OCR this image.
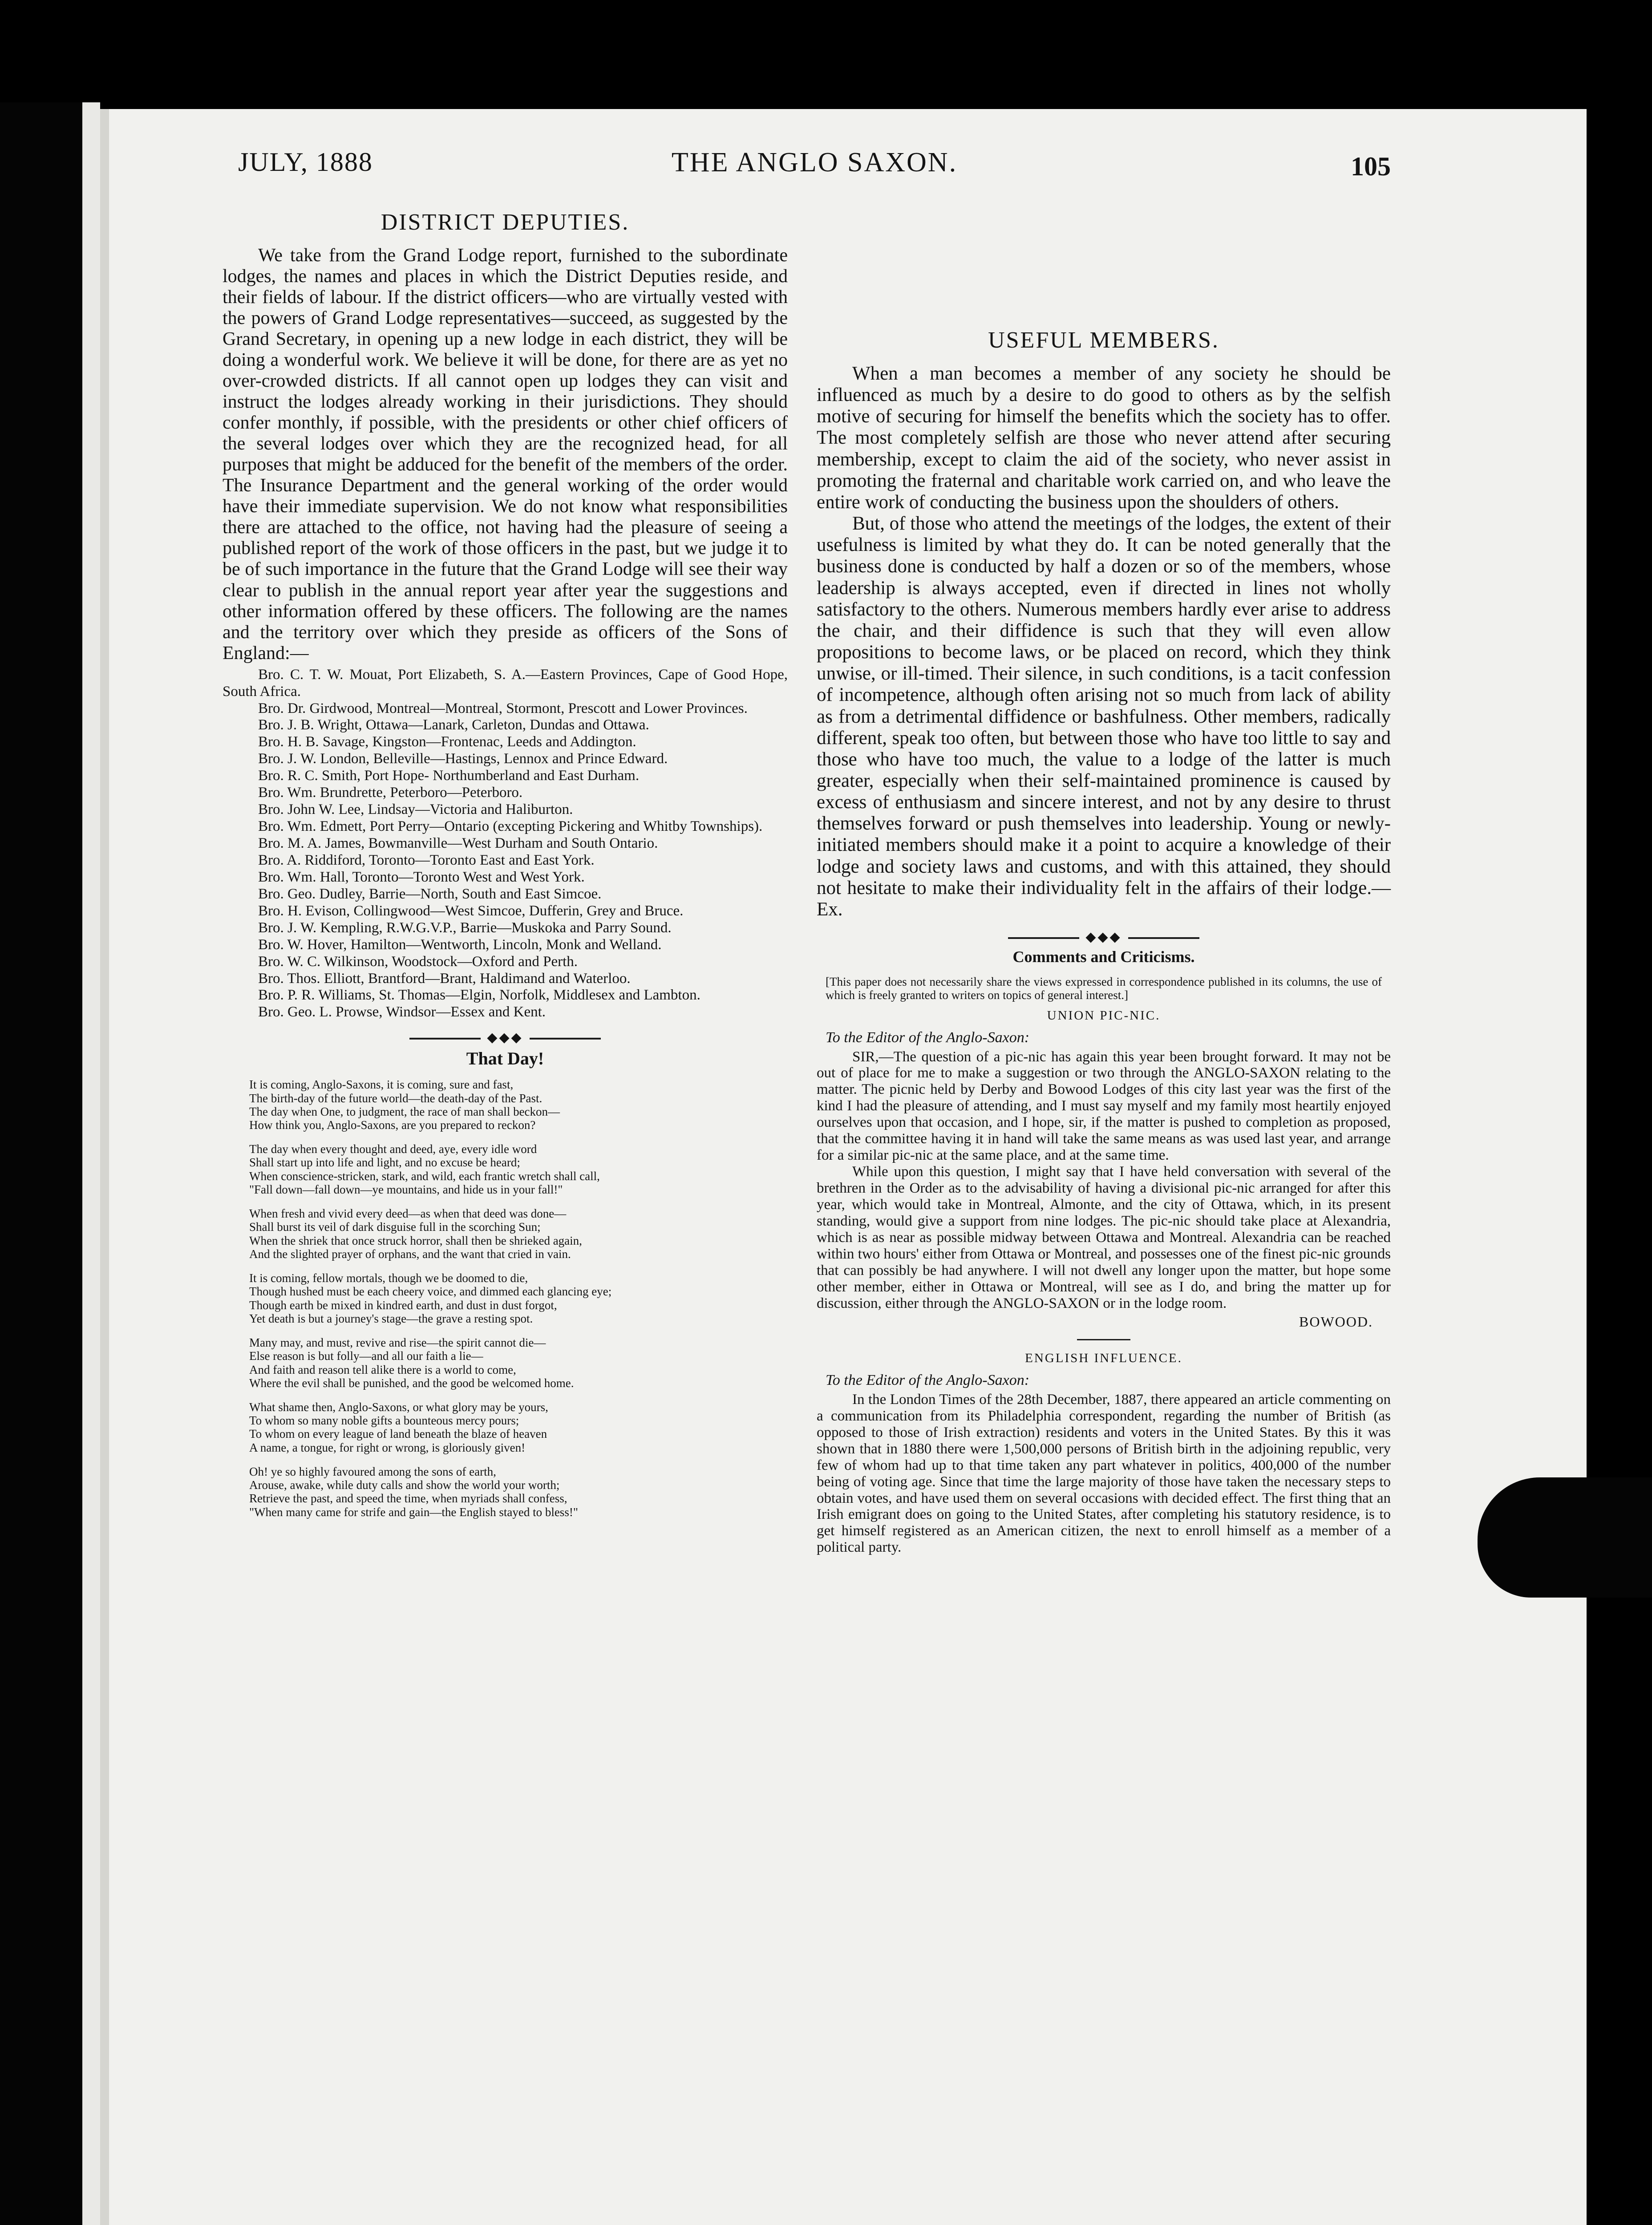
JULY, 1888	THE ANGLO SAXON.	105
DISTRICT DEPUTIES.

We take from the Grand Lodge report, furnished to the subordinate lodges, the names and places in which the District Deputies reside, and their fields of labour. If the district officers—who are virtually vested with the powers of Grand Lodge representatives—succeed, as suggested by the Grand Secretary, in opening up a new lodge in each district, they will be doing a wonderful work. We believe it will be done, for there are as yet no over-crowded districts. If all cannot open up lodges they can visit and instruct the lodges already working in their jurisdictions. They should confer monthly, if possible, with the presidents or other chief officers of the several lodges over which they are the recognized head, for all purposes that might be adduced for the benefit of the members of the order. The Insurance Department and the general working of the order would have their immediate supervision. We do not know what responsibilities there are attached to the office, not having had the pleasure of seeing a published report of the work of those officers in the past, but we judge it to be of such importance in the future that the Grand Lodge will see their way clear to publish in the annual report year after year the suggestions and other information offered by these officers. The following are the names and the territory over which they preside as officers of the Sons of England:—

Bro. C. T. W. Mouat, Port Elizabeth, S. A.—Eastern Provinces, Cape of Good Hope, South Africa.

Bro. Dr. Girdwood, Montreal—Montreal, Stormont, Prescott and Lower Provinces.

Bro. J. B. Wright, Ottawa—Lanark, Carleton, Dundas and Ottawa.

Bro. H. B. Savage, Kingston—Frontenac, Leeds and Addington.

Bro. J. W. London, Belleville—Hastings, Lennox and Prince Edward.

Bro. R. C. Smith, Port Hope- Northumberland and East Durham.

Bro. Wm. Brundrette, Peterboro—Peterboro.

Bro. John W. Lee, Lindsay—Victoria and Haliburton.

Bro. Wm. Edmett, Port Perry—Ontario (excepting Pickering and Whitby Townships).

Bro. M. A. James, Bowmanville—West Durham and South Ontario.

Bro. A. Riddiford, Toronto—Toronto East and East York.

Bro. Wm. Hall, Toronto—Toronto West and West York.

Bro. Geo. Dudley, Barrie—North, South and East Simcoe.

Bro. H. Evison, Collingwood—West Simcoe, Dufferin, Grey and Bruce.

Bro. J. W. Kempling, R.W.G.V.P., Barrie—Muskoka and Parry Sound.

Bro. W. Hover, Hamilton—Wentworth, Lincoln, Monk and Welland.

Bro. W. C. Wilkinson, Woodstock—Oxford and Perth.

Bro. Thos. Elliott, Brantford—Brant, Haldimand and Waterloo.

Bro. P. R. Williams, St. Thomas—Elgin, Norfolk, Middlesex and Lambton.

Bro. Geo. L. Prowse, Windsor—Essex and Kent.

◆◆◆
That Day!
It is coming, Anglo-Saxons, it is coming, sure and fast,
The birth-day of the future world—the death-day of the Past.
The day when One, to judgment, the race of man shall beckon—
How think you, Anglo-Saxons, are you prepared to reckon?
The day when every thought and deed, aye, every idle word
Shall start up into life and light, and no excuse be heard;
When conscience-stricken, stark, and wild, each frantic wretch shall call,
"Fall down—fall down—ye mountains, and hide us in your fall!"
When fresh and vivid every deed—as when that deed was done—
Shall burst its veil of dark disguise full in the scorching Sun;
When the shriek that once struck horror, shall then be shrieked again,
And the slighted prayer of orphans, and the want that cried in vain.
It is coming, fellow mortals, though we be doomed to die,
Though hushed must be each cheery voice, and dimmed each glancing eye;
Though earth be mixed in kindred earth, and dust in dust forgot,
Yet death is but a journey's stage—the grave a resting spot.
Many may, and must, revive and rise—the spirit cannot die—
Else reason is but folly—and all our faith a lie—
And faith and reason tell alike there is a world to come,
Where the evil shall be punished, and the good be welcomed home.
What shame then, Anglo-Saxons, or what glory may be yours,
To whom so many noble gifts a bounteous mercy pours;
To whom on every league of land beneath the blaze of heaven
A name, a tongue, for right or wrong, is gloriously given!
Oh! ye so highly favoured among the sons of earth,
Arouse, awake, while duty calls and show the world your worth;
Retrieve the past, and speed the time, when myriads shall confess,
"When many came for strife and gain—the English stayed to bless!"
USEFUL MEMBERS.

When a man becomes a member of any society he should be influenced as much by a desire to do good to others as by the selfish motive of securing for himself the benefits which the society has to offer. The most completely selfish are those who never attend after securing membership, except to claim the aid of the society, who never assist in promoting the fraternal and charitable work carried on, and who leave the entire work of conducting the business upon the shoulders of others.

But, of those who attend the meetings of the lodges, the extent of their usefulness is limited by what they do. It can be noted generally that the business done is conducted by half a dozen or so of the members, whose leadership is always accepted, even if directed in lines not wholly satisfactory to the others. Numerous members hardly ever arise to address the chair, and their diffidence is such that they will even allow propositions to become laws, or be placed on record, which they think unwise, or ill-timed. Their silence, in such conditions, is a tacit confession of incompetence, although often arising not so much from lack of ability as from a detrimental diffidence or bashfulness. Other members, radically different, speak too often, but between those who have too little to say and those who have too much, the value to a lodge of the latter is much greater, especially when their self-maintained prominence is caused by excess of enthusiasm and sincere interest, and not by any desire to thrust themselves forward or push themselves into leadership. Young or newly-initiated members should make it a point to acquire a knowledge of their lodge and society laws and customs, and with this attained, they should not hesitate to make their individuality felt in the affairs of their lodge.—Ex.

◆◆◆
Comments and Criticisms.

[This paper does not necessarily share the views expressed in correspondence published in its columns, the use of which is freely granted to writers on topics of general interest.]

UNION PIC-NIC.
To the Editor of the Anglo-Saxon:

SIR,—The question of a pic-nic has again this year been brought forward. It may not be out of place for me to make a suggestion or two through the ANGLO-SAXON relating to the matter. The picnic held by Derby and Bowood Lodges of this city last year was the first of the kind I had the pleasure of attending, and I must say myself and my family most heartily enjoyed ourselves upon that occasion, and I hope, sir, if the matter is pushed to completion as proposed, that the committee having it in hand will take the same means as was used last year, and arrange for a similar pic-nic at the same place, and at the same time.

While upon this question, I might say that I have held conversation with several of the brethren in the Order as to the advisability of having a divisional pic-nic arranged for after this year, which would take in Montreal, Almonte, and the city of Ottawa, which, in its present standing, would give a support from nine lodges. The pic-nic should take place at Alexandria, which is as near as possible midway between Ottawa and Montreal. Alexandria can be reached within two hours' either from Ottawa or Montreal, and possesses one of the finest pic-nic grounds that can possibly be had anywhere. I will not dwell any longer upon the matter, but hope some other member, either in Ottawa or Montreal, will see as I do, and bring the matter up for discussion, either through the ANGLO-SAXON or in the lodge room.

BOWOOD.
ENGLISH INFLUENCE.
To the Editor of the Anglo-Saxon:

In the London Times of the 28th December, 1887, there appeared an article commenting on a communication from its Philadelphia correspondent, regarding the number of British (as opposed to those of Irish extraction) residents and voters in the United States. By this it was shown that in 1880 there were 1,500,000 persons of British birth in the adjoining republic, very few of whom had up to that time taken any part whatever in politics, 400,000 of the number being of voting age. Since that time the large majority of those have taken the necessary steps to obtain votes, and have used them on several occasions with decided effect. The first thing that an Irish emigrant does on going to the United States, after completing his statutory residence, is to get himself registered as an American citizen, the next to enroll himself as a member of a political party.
